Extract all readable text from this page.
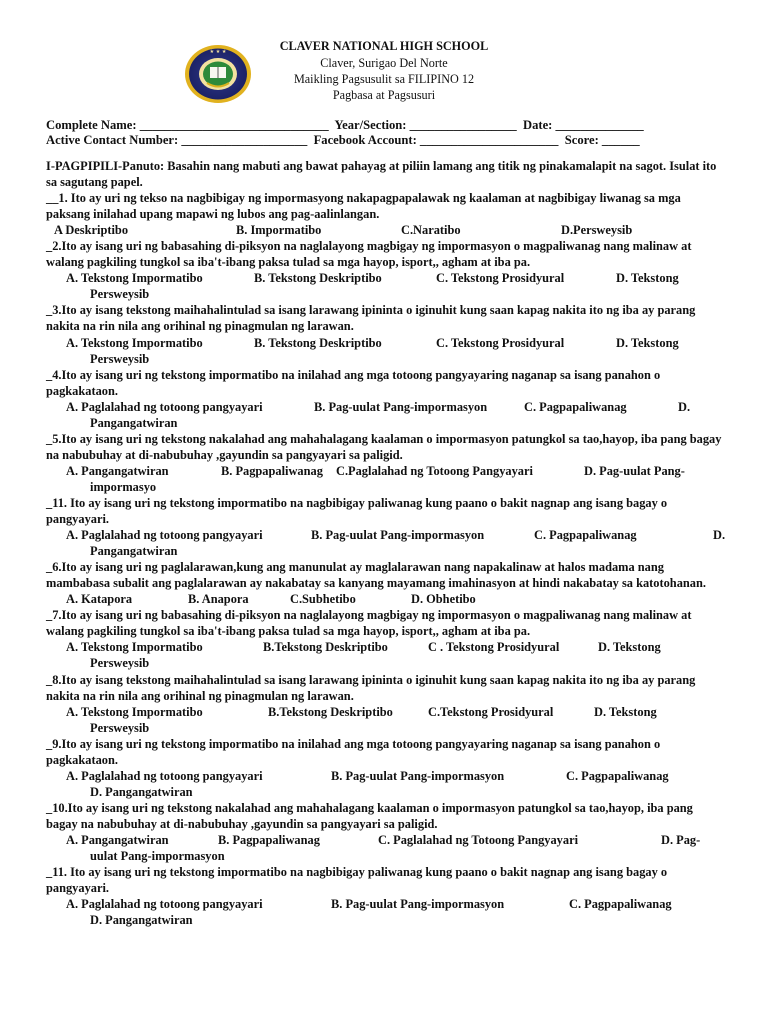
★ ★ ★	CLAVER NATIONAL HIGH SCHOOL
Claver, Surigao Del Norte
Maikling Pagsusulit sa FILIPINO 12
Pagbasa at Pagsusuri
Complete Name: ______________________________  Year/Section: _________________  Date: ______________
Active Contact Number: ____________________  Facebook Account: ______________________  Score: ______
I-PAGPIPILI-Panuto: Basahin nang mabuti ang bawat pahayag at piliin lamang ang titik ng pinakamalapit na sagot. Isulat ito sa sagutang papel.
__1. Ito ay uri ng tekso na nagbibigay ng impormasyong nakapagpapalawak ng kaalaman at nagbibigay liwanag sa mga paksang inilahad upang mapawi ng lubos ang pag-aalinlangan.
A Deskriptibo	B. Impormatibo	C.Naratibo	D.Persweysib
_2.Ito ay isang uri ng babasahing di-piksyon na naglalayong magbigay ng impormasyon o magpaliwanag nang malinaw at walang pagkiling tungkol sa iba't-ibang paksa tulad sa mga hayop, isport,, agham at iba pa.
A. Tekstong Impormatibo	B. Tekstong Deskriptibo	C. Tekstong Prosidyural	D. Tekstong
Persweysib
_3.Ito ay isang tekstong maihahalintulad sa isang larawang ipininta o iginuhit kung saan kapag nakita ito ng iba ay parang nakita na rin nila ang orihinal ng pinagmulan ng larawan.
A. Tekstong Impormatibo	B. Tekstong Deskriptibo	C. Tekstong Prosidyural	D. Tekstong
Persweysib
_4.Ito ay isang uri ng tekstong impormatibo na inilahad ang mga totoong pangyayaring naganap sa isang panahon o pagkakataon.
A. Paglalahad ng totoong pangyayari	B. Pag-uulat Pang-impormasyon	C. Pagpapaliwanag	D.
Pangangatwiran
_5.Ito ay isang uri ng tekstong nakalahad ang mahahalagang kaalaman o impormasyon patungkol sa tao,hayop, iba pang bagay na nabubuhay at di-nabubuhay ,gayundin sa pangyayari sa paligid.
A. Pangangatwiran	B. Pagpapaliwanag C.Paglalahad ng Totoong Pangyayari	D. Pag-uulat Pang-
impormasyo
_11. Ito ay isang uri ng tekstong impormatibo na nagbibigay paliwanag kung paano o bakit nagnap ang isang bagay o pangyayari.
A. Paglalahad ng totoong pangyayari	B. Pag-uulat Pang-impormasyon	C. Pagpapaliwanag	D.
Pangangatwiran
_6.Ito ay isang uri ng paglalarawan,kung ang manunulat ay maglalarawan nang napakalinaw at halos madama nang mambabasa subalit ang paglalarawan ay nakabatay sa kanyang mayamang imahinasyon at hindi nakabatay sa katotohanan.
A. Katapora	B. Anapora	C.Subhetibo	D. Obhetibo
_7.Ito ay isang uri ng babasahing di-piksyon na naglalayong magbigay ng impormasyon o magpaliwanag nang malinaw at walang pagkiling tungkol sa iba't-ibang paksa tulad sa mga hayop, isport,, agham at iba pa.
A. Tekstong Impormatibo	B.Tekstong Deskriptibo	C . Tekstong Prosidyural	D. Tekstong
Persweysib
_8.Ito ay isang tekstong maihahalintulad sa isang larawang ipininta o iginuhit kung saan kapag nakita ito ng iba ay parang nakita na rin nila ang orihinal ng pinagmulan ng larawan.
A. Tekstong Impormatibo	B.Tekstong Deskriptibo	C.Tekstong Prosidyural	D. Tekstong
Persweysib
_9.Ito ay isang uri ng tekstong impormatibo na inilahad ang mga totoong pangyayaring naganap sa isang panahon o pagkakataon.
A. Paglalahad ng totoong pangyayari	B. Pag-uulat Pang-impormasyon	C. Pagpapaliwanag
D. Pangangatwiran
_10.Ito ay isang uri ng tekstong nakalahad ang mahahalagang kaalaman o impormasyon patungkol sa tao,hayop, iba pang bagay na nabubuhay at di-nabubuhay ,gayundin sa pangyayari sa paligid.
A. Pangangatwiran	B. Pagpapaliwanag	C. Paglalahad ng Totoong Pangyayari	D. Pag-
uulat Pang-impormasyon
_11. Ito ay isang uri ng tekstong impormatibo na nagbibigay paliwanag kung paano o bakit nagnap ang isang bagay o pangyayari.
A. Paglalahad ng totoong pangyayari	B. Pag-uulat Pang-impormasyon	C. Pagpapaliwanag
D. Pangangatwiran
